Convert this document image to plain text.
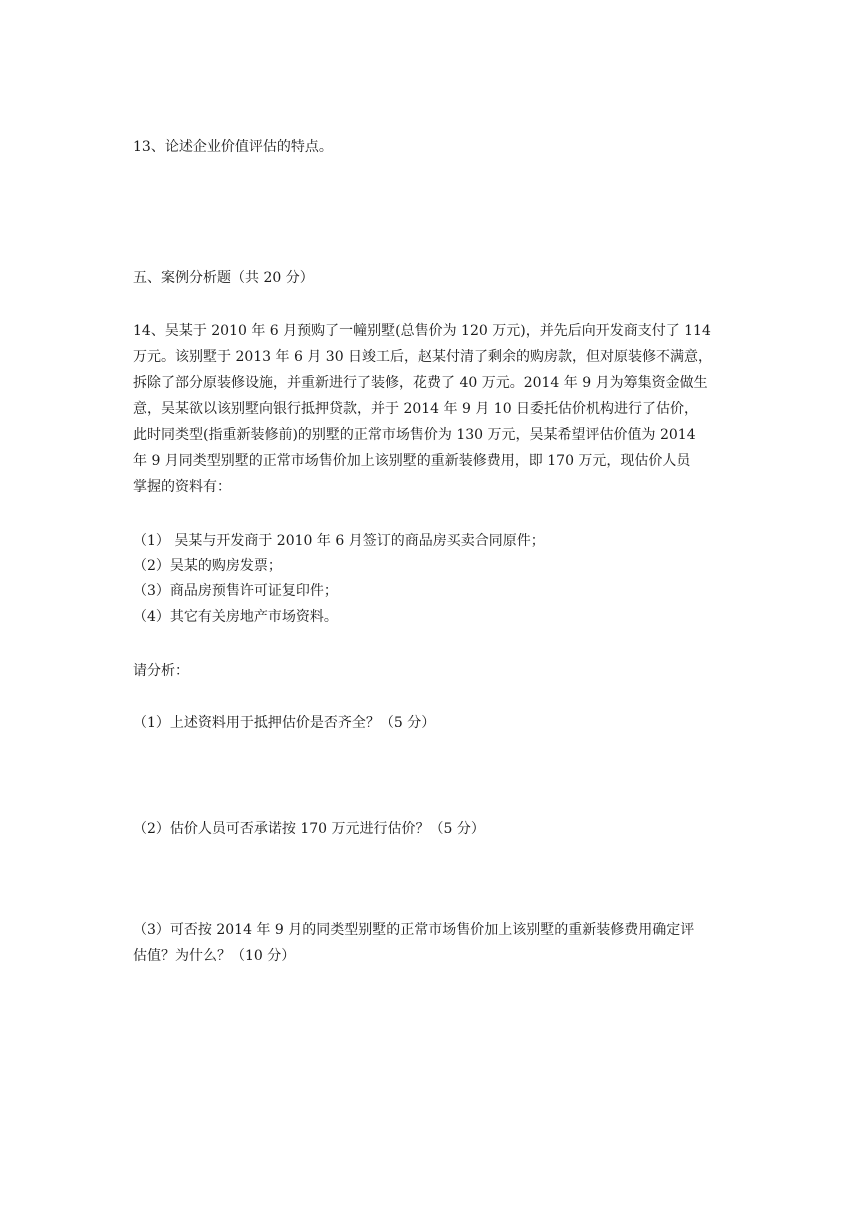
13、论述企业价值评估的特点。
五、案例分析题（共 20 分）
14、吴某于 2010 年 6 月预购了一幢别墅(总售价为 120 万元)，并先后向开发商支付了 114
万元。该别墅于 2013 年 6 月 30 日竣工后，赵某付清了剩余的购房款，但对原装修不满意，
拆除了部分原装修设施，并重新进行了装修，花费了 40 万元。2014 年 9 月为筹集资金做生
意，吴某欲以该别墅向银行抵押贷款，并于 2014 年 9 月 10 日委托估价机构进行了估价，
此时同类型(指重新装修前)的别墅的正常市场售价为 130 万元，吴某希望评估价值为 2014
年 9 月同类型别墅的正常市场售价加上该别墅的重新装修费用，即 170 万元，现估价人员
掌握的资料有：
（1） 吴某与开发商于 2010 年 6 月签订的商品房买卖合同原件；
（2）吴某的购房发票；
（3）商品房预售许可证复印件；
（4）其它有关房地产市场资料。
请分析：
（1）上述资料用于抵押估价是否齐全？（5 分）
（2）估价人员可否承诺按 170 万元进行估价？（5 分）
（3）可否按 2014 年 9 月的同类型别墅的正常市场售价加上该别墅的重新装修费用确定评
估值？为什么？（10 分）
